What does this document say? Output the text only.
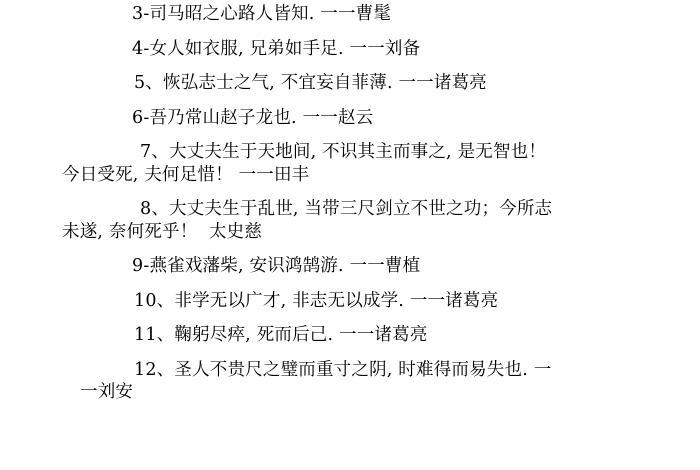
3-司马昭之心路人皆知. 一一曹髦

4-女人如衣服, 兄弟如手足. 一一刘备

5、恢弘志士之气, 不宜妄自菲薄. 一一诸葛亮

6-吾乃常山赵子龙也. 一一赵云

7、大丈夫生于天地间, 不识其主而事之, 是无智也！

今日受死, 夫何足惜！ 一一田丰

8、大丈夫生于乱世, 当带三尺剑立不世之功；今所志

未遂, 奈何死乎！  太史慈

9-燕雀戏藩柴, 安识鸿鹄游. 一一曹植

10、非学无以广才, 非志无以成学. 一一诸葛亮

11、鞠躬尽瘁, 死而后己. 一一诸葛亮

12、圣人不贵尺之璧而重寸之阴, 时难得而易失也. 一

一刘安
